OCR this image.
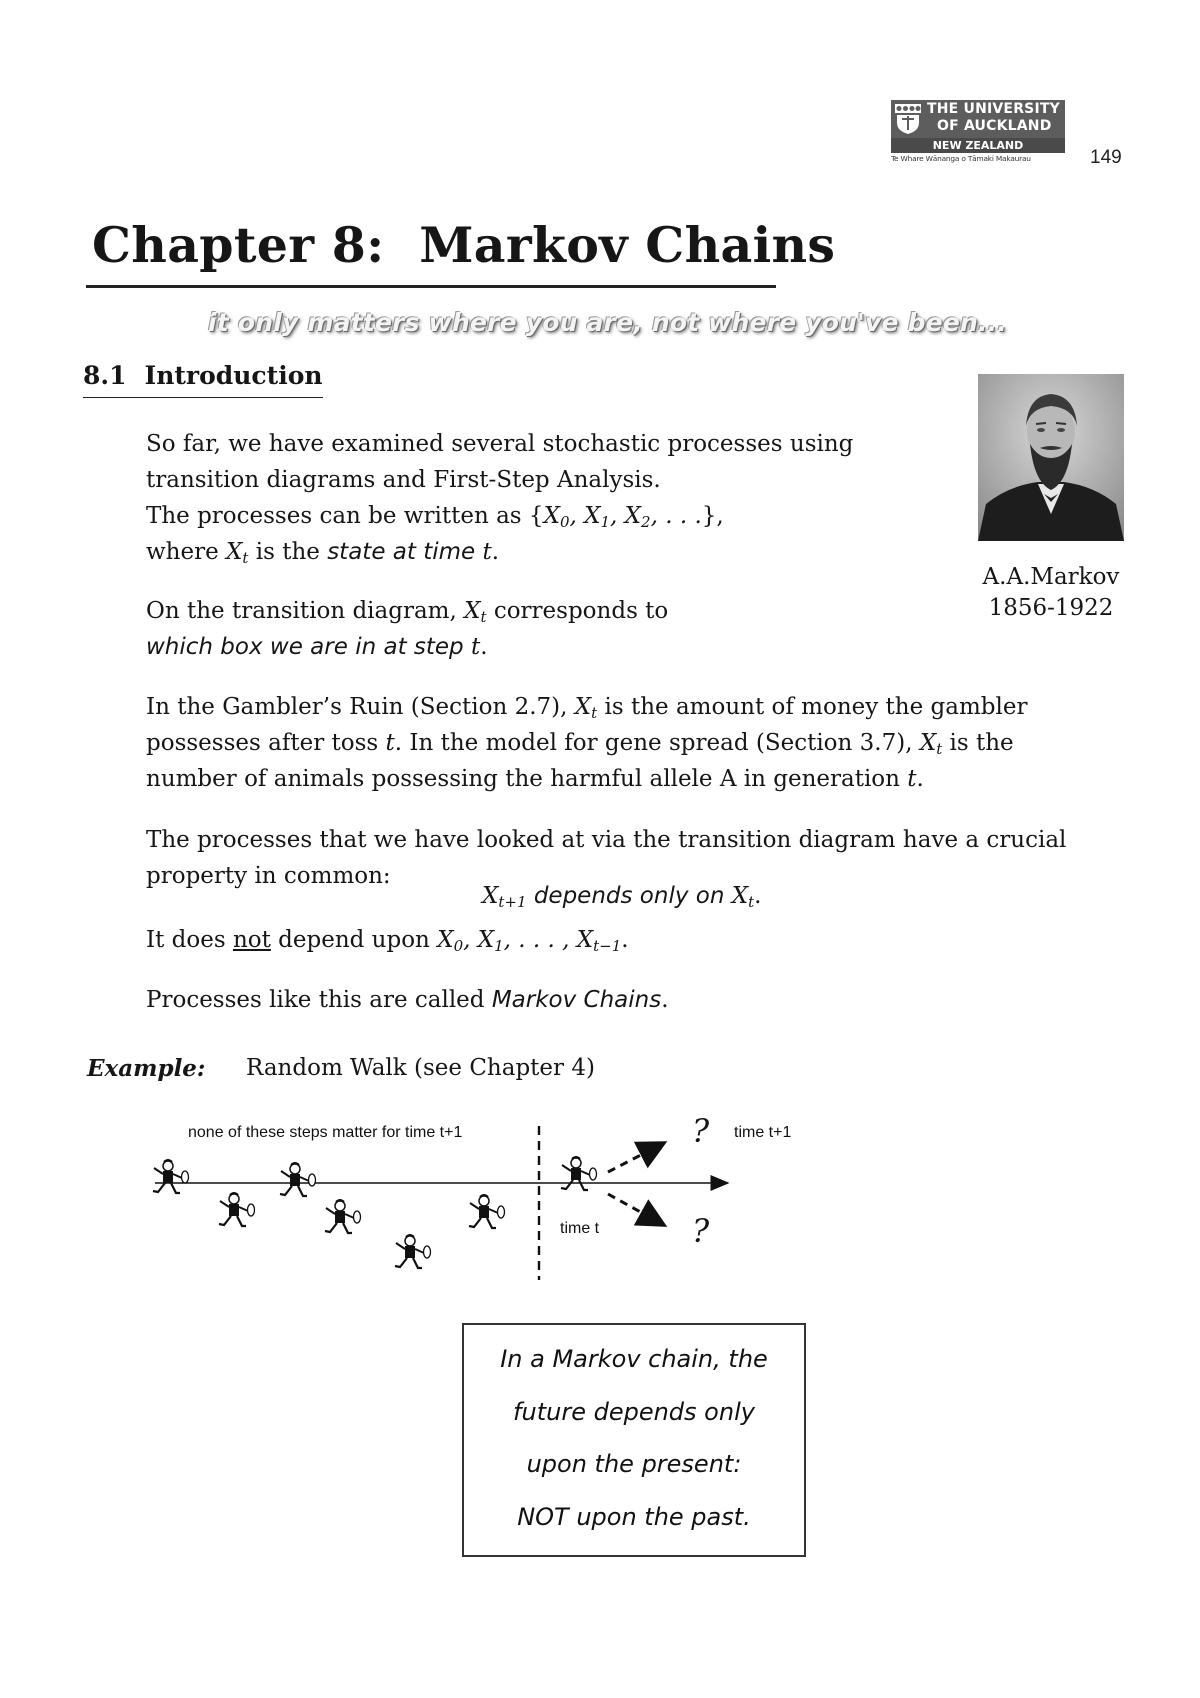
THE UNIVERSITY
OF AUCKLAND
NEW ZEALAND
Te Whare Wānanga o Tāmaki Makaurau	149
Chapter 8: Markov Chains
it only matters where you are, not where you've been...
8.1 Introduction
A.A.Markov
1856-1922
So far, we have examined several stochastic processes using
transition diagrams and First-Step Analysis.
The processes can be written as {$X_0$, $X_1$, $X_2$, . . .},
where $X_t$ is the state at time t.
On the transition diagram, $X_t$ corresponds to
which box we are in at step t.
In the Gambler’s Ruin (Section 2.7), $X_t$ is the amount of money the gambler
possesses after toss t. In the model for gene spread (Section 3.7), $X_t$ is the
number of animals possessing the harmful allele A in generation t.
The processes that we have looked at via the transition diagram have a crucial
property in common:
$X_{t+1}$ depends only on $X_t$.
It does not depend upon $X_0$, $X_1$, . . . , $X_{t-1}$.
Processes like this are called Markov Chains.
Example: Random Walk (see Chapter 4)
none of these steps matter for time t+1	time t+1
time t
?
?
In a Markov chain, the
future depends only
upon the present:
NOT upon the past.
